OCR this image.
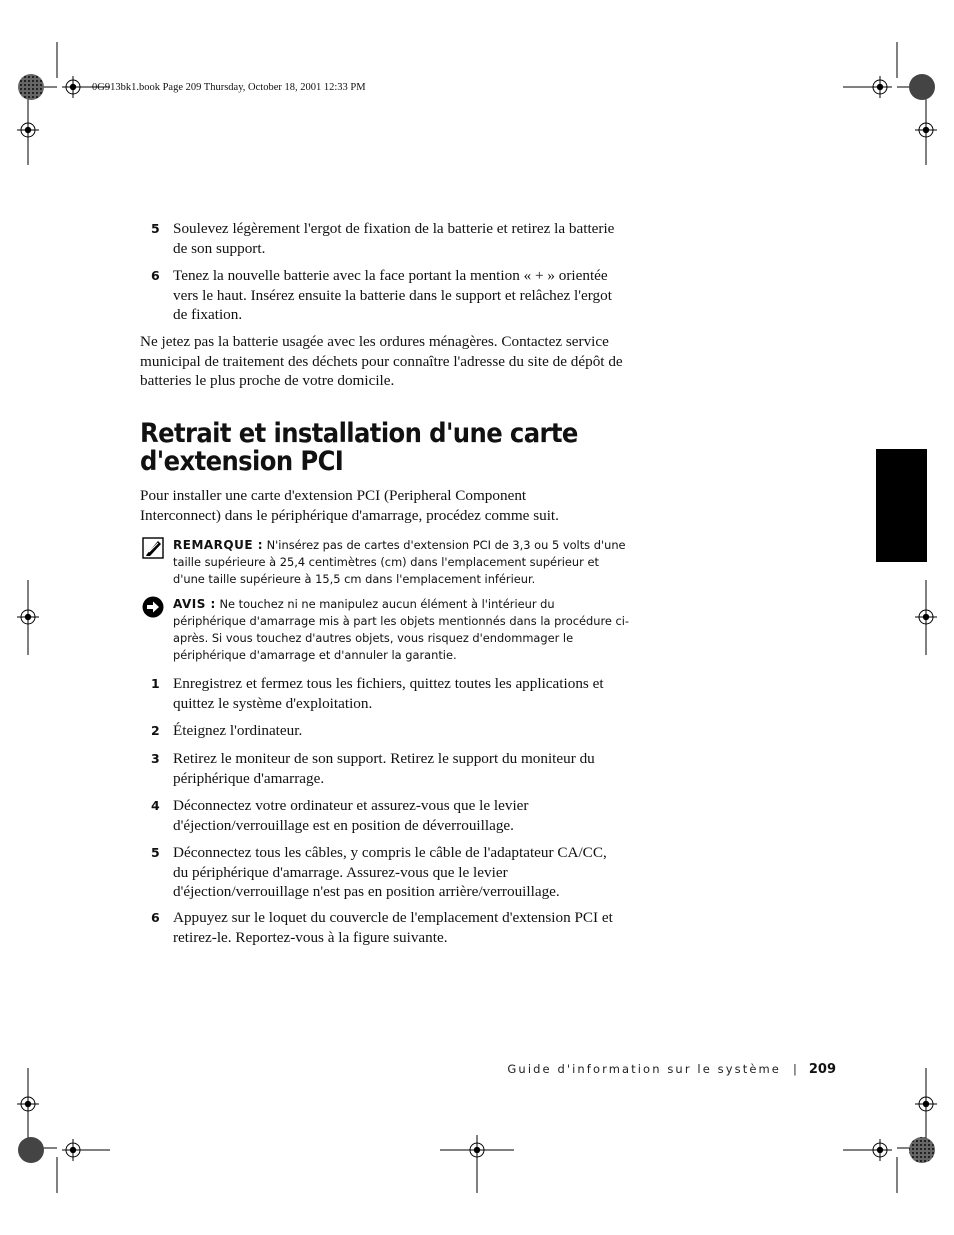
0G913bk1.book Page 209 Thursday, October 18, 2001 12:33 PM
5 Soulevez légèrement l'ergot de fixation de la batterie et retirez la batterie de son support.
6 Tenez la nouvelle batterie avec la face portant la mention « + » orientée vers le haut. Insérez ensuite la batterie dans le support et relâchez l'ergot de fixation.
Ne jetez pas la batterie usagée avec les ordures ménagères. Contactez service municipal de traitement des déchets pour connaître l'adresse du site de dépôt de batteries le plus proche de votre domicile.
Retrait et installation d'une carte d'extension PCI
Pour installer une carte d'extension PCI (Peripheral Component Interconnect) dans le périphérique d'amarrage, procédez comme suit.
REMARQUE : N'insérez pas de cartes d'extension PCI de 3,3 ou 5 volts d'une taille supérieure à 25,4 centimètres (cm) dans l'emplacement supérieur et d'une taille supérieure à 15,5 cm dans l'emplacement inférieur.
AVIS : Ne touchez ni ne manipulez aucun élément à l'intérieur du périphérique d'amarrage mis à part les objets mentionnés dans la procédure ci-après. Si vous touchez d'autres objets, vous risquez d'endommager le périphérique d'amarrage et d'annuler la garantie.
1 Enregistrez et fermez tous les fichiers, quittez toutes les applications et quittez le système d'exploitation.
2 Éteignez l'ordinateur.
3 Retirez le moniteur de son support. Retirez le support du moniteur du périphérique d'amarrage.
4 Déconnectez votre ordinateur et assurez-vous que le levier d'éjection/verrouillage est en position de déverrouillage.
5 Déconnectez tous les câbles, y compris le câble de l'adaptateur CA/CC, du périphérique d'amarrage. Assurez-vous que le levier d'éjection/verrouillage n'est pas en position arrière/verrouillage.
6 Appuyez sur le loquet du couvercle de l'emplacement d'extension PCI et retirez-le. Reportez-vous à la figure suivante.
Guide d'information sur le système | 209
